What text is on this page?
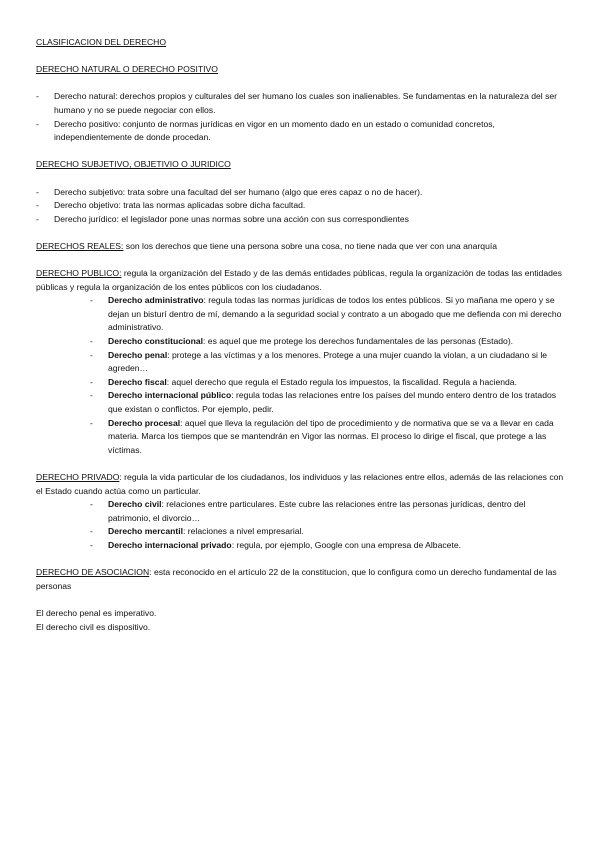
CLASIFICACION DEL DERECHO

DERECHO NATURAL O DERECHO POSITIVO

- Derecho natural: derechos propios y culturales del ser humano los cuales son inalienables. Se fundamentas en la naturaleza del ser humano y no se puede negociar con ellos.
- Derecho positivo: conjunto de normas jurídicas en vigor en un momento dado en un estado o comunidad concretos, independientemente de donde procedan.

DERECHO SUBJETIVO, OBJETIVIO O JURIDICO

- Derecho subjetivo: trata sobre una facultad del ser humano (algo que eres capaz o no de hacer).
- Derecho objetivo: trata las normas aplicadas sobre dicha facultad.
- Derecho jurídico: el legislador pone unas normas sobre una acción con sus correspondientes

DERECHOS REALES: son los derechos que tiene una persona sobre una cosa, no tiene nada que ver con una anarquía

DERECHO PUBLICO: regula la organización del Estado y de las demás entidades públicas, regula la organización de todas las entidades públicas y regula la organización de los entes públicos con los ciudadanos.

- Derecho administrativo: regula todas las normas jurídicas de todos los entes públicos. Si yo mañana me opero y se dejan un bisturí dentro de mí, demando a la seguridad social y contrato a un abogado que me defienda con mi derecho administrativo.
- Derecho constitucional: es aquel que me protege los derechos fundamentales de las personas (Estado).
- Derecho penal: protege a las víctimas y a los menores. Protege a una mujer cuando la violan, a un ciudadano si le agreden…
- Derecho fiscal: aquel derecho que regula el Estado regula los impuestos, la fiscalidad. Regula a hacienda.
- Derecho internacional público: regula todas las relaciones entre los países del mundo entero dentro de los tratados que existan o conflictos. Por ejemplo, pedir.
- Derecho procesal: aquel que lleva la regulación del tipo de procedimiento y de normativa que se va a llevar en cada materia. Marca los tiempos que se mantendrán en Vigor las normas. El proceso lo dirige el fiscal, que protege a las víctimas.

DERECHO PRIVADO: regula la vida particular de los ciudadanos, los individuos y las relaciones entre ellos, además de las relaciones con el Estado cuando actúa como un particular.

- Derecho civil: relaciones entre particulares. Este cubre las relaciones entre las personas jurídicas, dentro del patrimonio, el divorcio…
- Derecho mercantil: relaciones a nivel empresarial.
- Derecho internacional privado: regula, por ejemplo, Google con una empresa de Albacete.

DERECHO DE ASOCIACION: esta reconocido en el artículo 22 de la constitucion, que lo configura como un derecho fundamental de las personas

El derecho penal es imperativo.

El derecho civil es dispositivo.
